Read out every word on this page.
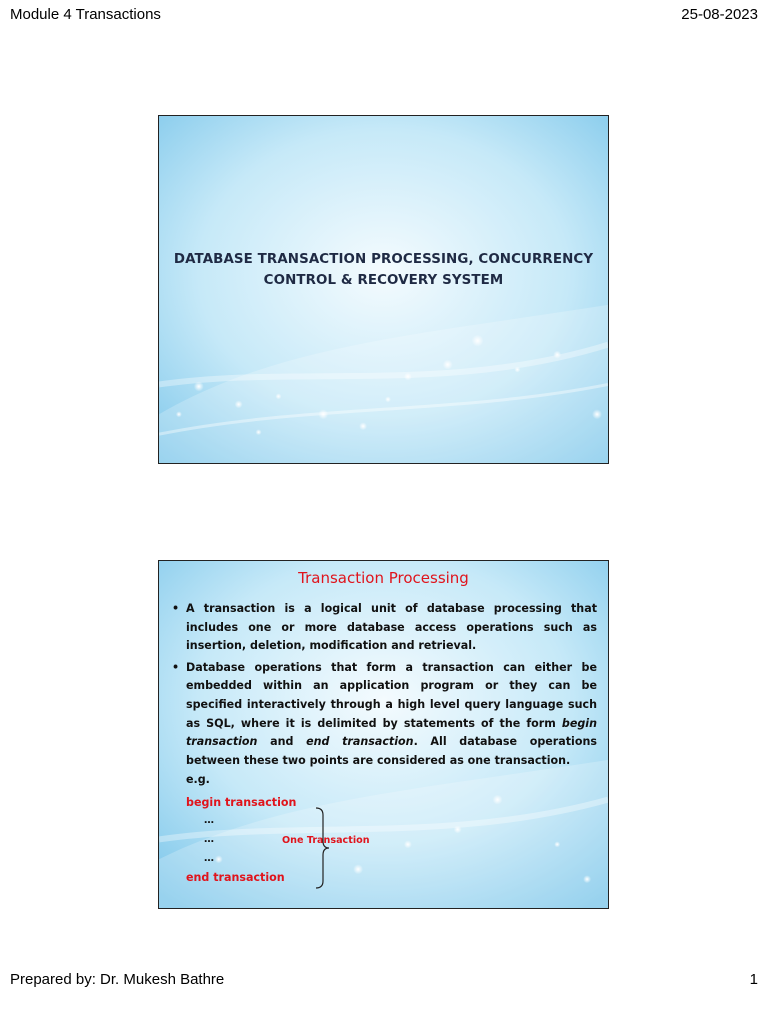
Module 4 Transactions	25-08-2023
DATABASE TRANSACTION PROCESSING, CONCURRENCY
CONTROL & RECOVERY SYSTEM
Transaction Processing
• A transaction is a logical unit of database processing that includes one or more database access operations such as insertion, deletion, modification and retrieval.
• Database operations that form a transaction can either be embedded within an application program or they can be specified interactively through a high level query language such as SQL, where it is delimited by statements of the form begin transaction and end transaction. All database operations between these two points are considered as one transaction.
e.g.
begin transaction
…
…
…
end transaction
One Transaction
Prepared by: Dr. Mukesh Bathre	1
